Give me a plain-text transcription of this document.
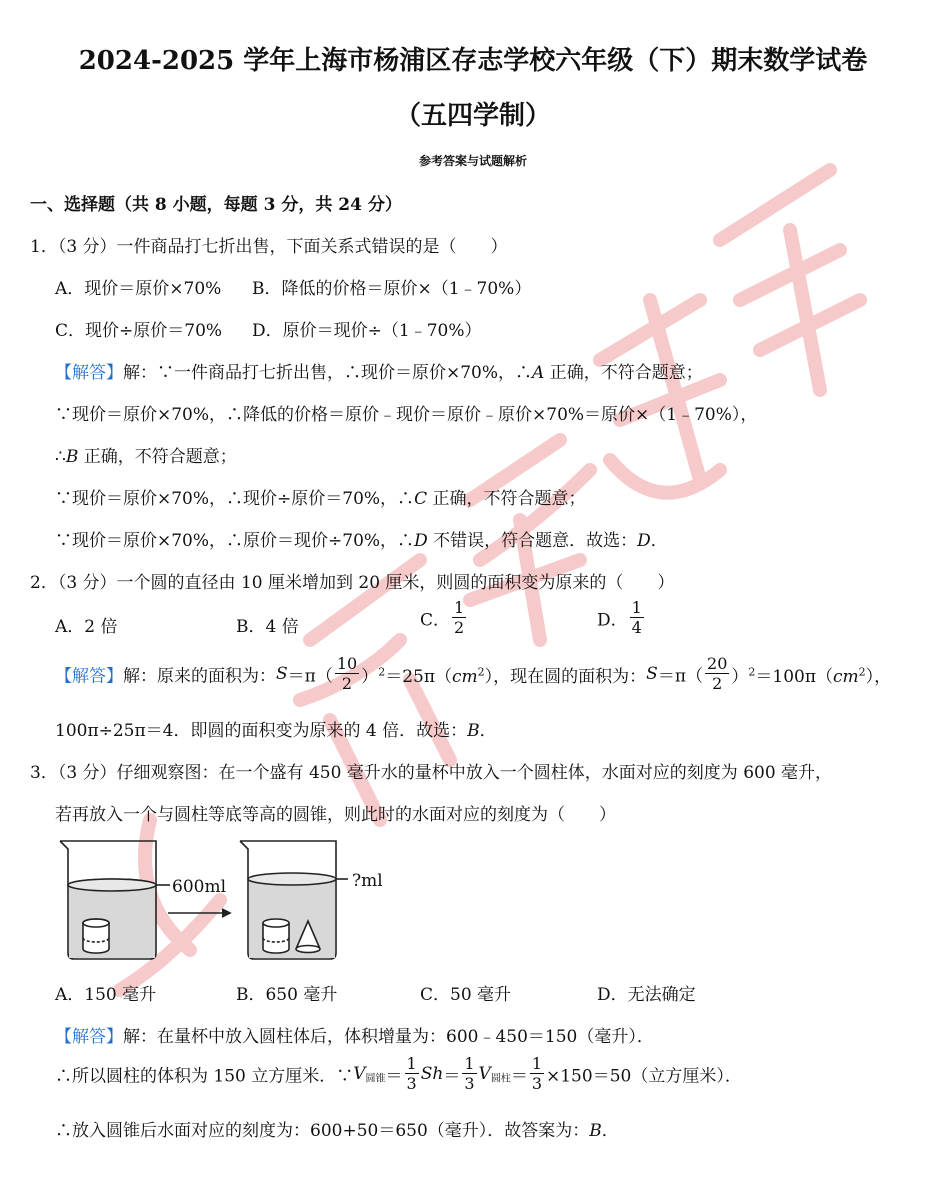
2024-2025 学年上海市杨浦区存志学校六年级（下）期末数学试卷
（五四学制）
参考答案与试题解析
一、选择题（共 8 小题，每题 3 分，共 24 分）
1．（3 分）一件商品打七折出售，下面关系式错误的是（　　）
A．现价＝原价×70% B．降低的价格＝原价×（1﹣70%）
C．现价÷原价＝70% D．原价＝现价÷（1﹣70%）
【解答】解：∵一件商品打七折出售，∴现价＝原价×70%，∴A 正确，不符合题意；
∵现价＝原价×70%，∴降低的价格＝原价﹣现价＝原价﹣原价×70%＝原价×（1﹣70%），
∴B 正确，不符合题意；
∵现价＝原价×70%，∴现价÷原价＝70%，∴C 正确，不符合题意；
∵现价＝原价×70%，∴原价＝现价÷70%，∴D 不错误，符合题意．故选：D．
2．（3 分）一个圆的直径由 10 厘米增加到 20 厘米，则圆的面积变为原来的（　　）
A．2 倍	B．4 倍	C． $\frac{1}{2}$	D． $\frac{1}{4}$
【解答】解：原来的面积为：$S=\pi( \frac{10}{2} )^2=25\pi(cm^2)$，现在圆的面积为：$S=\pi( \frac{20}{2} )^2=100\pi(cm^2)$，
100π÷25π＝4．即圆的面积变为原来的 4 倍．故选：B．
3．（3 分）仔细观察图：在一个盛有 450 毫升水的量杯中放入一个圆柱体，水面对应的刻度为 600 毫升，
若再放入一个与圆柱等底等高的圆锥，则此时的水面对应的刻度为（　　）
600ml	?ml
A．150 毫升	B．650 毫升	C．50 毫升	D．无法确定
【解答】解：在量杯中放入圆柱体后，体积增量为：600﹣450＝150（毫升）．
∴所以圆柱的体积为 150 立方厘米．∵V圆锥＝ $\frac{1}{3} Sh= \frac{1}{3}$ V圆柱＝ $\frac{1}{3} \times 150=50$（立方厘米）．
∴放入圆锥后水面对应的刻度为：600+50＝650（毫升）．故答案为：B．
